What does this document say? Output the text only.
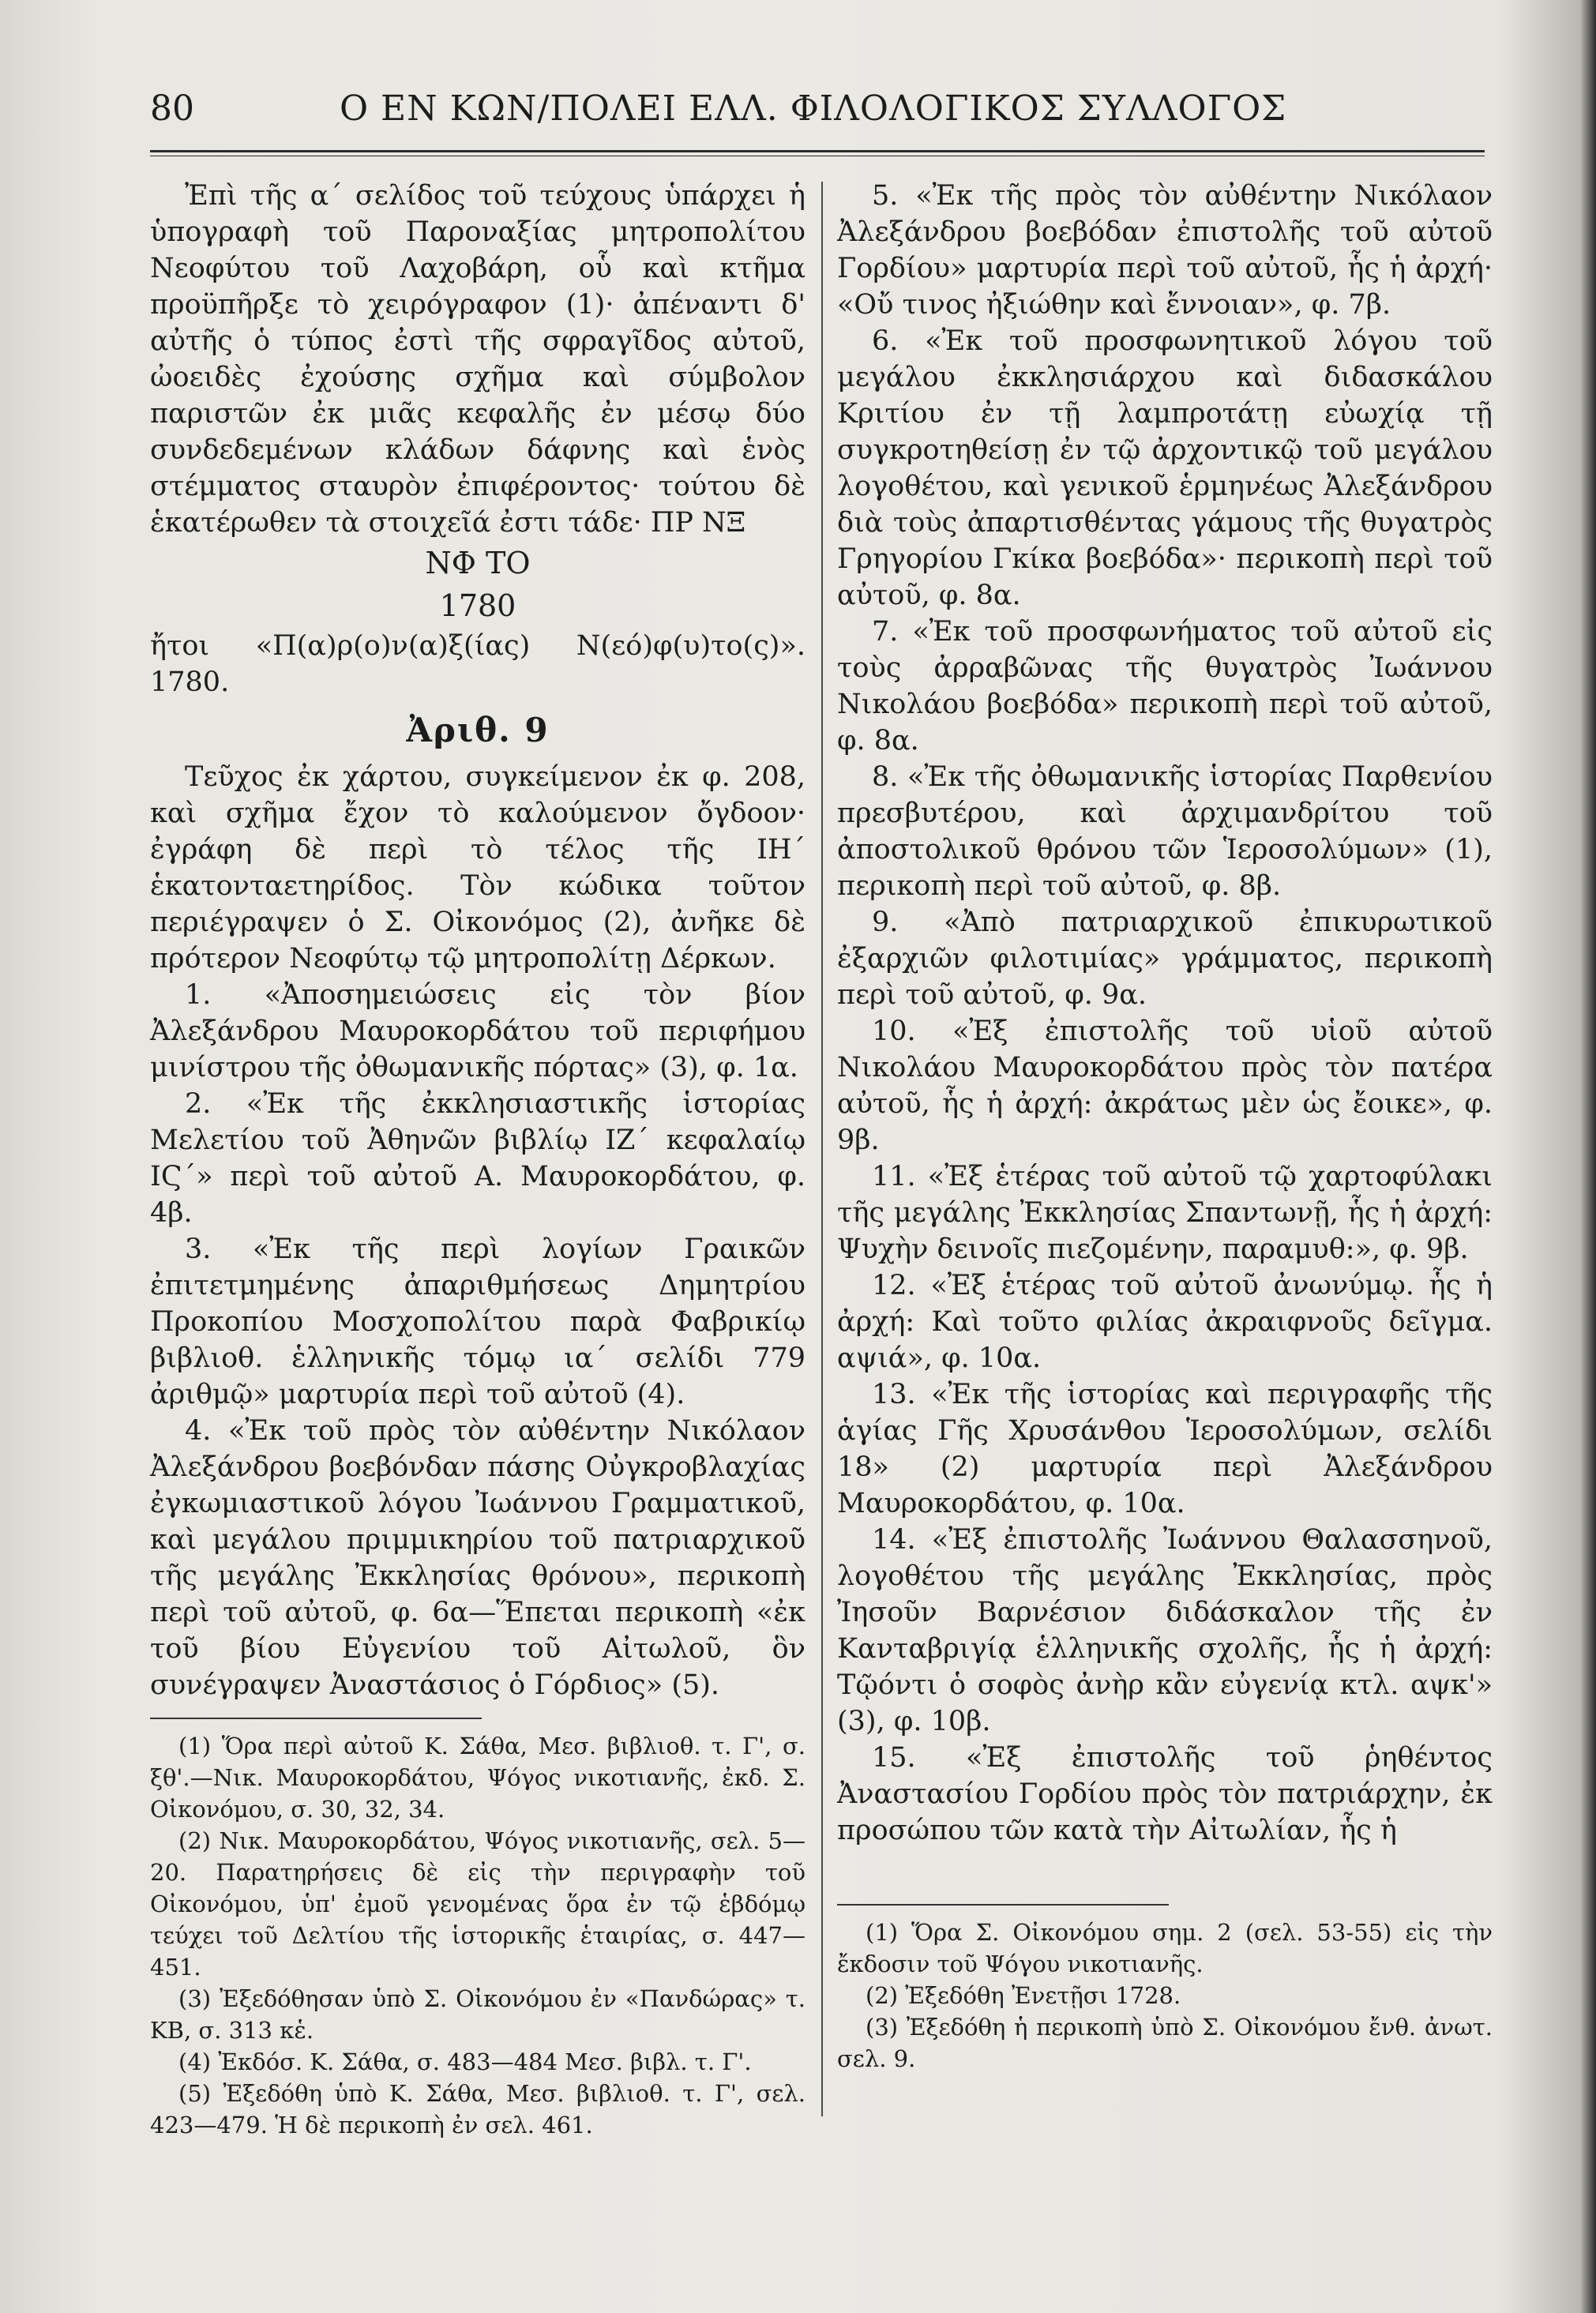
80	Ο ΕΝ ΚΩΝ/ΠΟΛΕΙ ΕΛΛ. ΦΙΛΟΛΟΓΙΚΟΣ ΣΥΛΛΟΓΟΣ

Ἐπὶ τῆς α΄ σελίδος τοῦ τεύχους ὑπάρχει ἡ ὑπογραφὴ τοῦ Παροναξίας μητροπολίτου Νεοφύτου τοῦ Λαχοβάρη, οὗ καὶ κτῆμα προϋπῆρξε τὸ χειρόγραφον (1)· ἀπέναντι δ' αὐτῆς ὁ τύπος ἐστὶ τῆς σφραγῖδος αὐτοῦ, ὠοειδὲς ἐχούσης σχῆμα καὶ σύμβολον παριστῶν ἐκ μιᾶς κεφαλῆς ἐν μέσῳ δύο συνδεδεμένων κλάδων δάφνης καὶ ἑνὸς στέμματος σταυρὸν ἐπιφέροντος· τούτου δὲ ἑκατέρωθεν τὰ στοιχεῖά ἐστι τάδε· ΠΡ ΝΞ

ΝΦ ΤΟ
1780

ἤτοι «Π(α)ρ(ο)ν(α)ξ(ίας) Ν(εό)φ(υ)το(ς)». 1780.

Ἀριθ. 9

Τεῦχος ἐκ χάρτου, συγκείμενον ἐκ φ. 208, καὶ σχῆμα ἔχον τὸ καλούμενον ὄγδοον· ἐγράφη δὲ περὶ τὸ τέλος τῆς ΙΗ΄ ἑκατονταετηρίδος. Τὸν κώδικα τοῦτον περιέγραψεν ὁ Σ. Οἰκονόμος (2), ἀνῆκε δὲ πρότερον Νεοφύτῳ τῷ μητροπολίτῃ Δέρκων.

1. «Ἀποσημειώσεις εἰς τὸν βίον Ἀλεξάνδρου Μαυροκορδάτου τοῦ περιφήμου μινίστρου τῆς ὀθωμανικῆς πόρτας» (3), φ. 1α.

2. «Ἐκ τῆς ἐκκλησιαστικῆς ἱστορίας Μελετίου τοῦ Ἀθηνῶν βιβλίῳ ΙΖ΄ κεφαλαίῳ ΙϚ΄» περὶ τοῦ αὐτοῦ Α. Μαυροκορδάτου, φ. 4β.

3. «Ἐκ τῆς περὶ λογίων Γραικῶν ἐπιτετμημένης ἀπαριθμήσεως Δημητρίου Προκοπίου Μοσχοπολίτου παρὰ Φαβρικίῳ βιβλιοθ. ἑλληνικῆς τόμῳ ια΄ σελίδι 779 ἀριθμῷ» μαρτυρία περὶ τοῦ αὐτοῦ (4).

4. «Ἐκ τοῦ πρὸς τὸν αὐθέντην Νικόλαον Ἀλεξάνδρου βοεβόνδαν πάσης Οὐγκροβλαχίας ἐγκωμιαστικοῦ λόγου Ἰωάννου Γραμματικοῦ, καὶ μεγάλου πριμμικηρίου τοῦ πατριαρχικοῦ τῆς μεγάλης Ἐκκλησίας θρόνου», περικοπὴ περὶ τοῦ αὐτοῦ, φ. 6α—Ἕπεται περικοπὴ «ἐκ τοῦ βίου Εὐγενίου τοῦ Αἰτωλοῦ, ὃν συνέγραψεν Ἀναστάσιος ὁ Γόρδιος» (5).

(1) Ὅρα περὶ αὐτοῦ Κ. Σάθα, Μεσ. βιβλιοθ. τ. Γ', σ. ξθ'.—Νικ. Μαυροκορδάτου, Ψόγος νικοτιανῆς, ἐκδ. Σ. Οἰκονόμου, σ. 30, 32, 34.

(2) Νικ. Μαυροκορδάτου, Ψόγος νικοτιανῆς, σελ. 5—20. Παρατηρήσεις δὲ εἰς τὴν περιγραφὴν τοῦ Οἰκονόμου, ὑπ' ἐμοῦ γενομένας ὅρα ἐν τῷ ἑβδόμῳ τεύχει τοῦ Δελτίου τῆς ἱστορικῆς ἑταιρίας, σ. 447—451.

(3) Ἐξεδόθησαν ὑπὸ Σ. Οἰκονόμου ἐν «Πανδώρας» τ. ΚΒ, σ. 313 κἑ.

(4) Ἐκδόσ. Κ. Σάθα, σ. 483—484 Μεσ. βιβλ. τ. Γ'.

(5) Ἐξεδόθη ὑπὸ Κ. Σάθα, Μεσ. βιβλιοθ. τ. Γ', σελ. 423—479. Ἡ δὲ περικοπὴ ἐν σελ. 461.

5. «Ἐκ τῆς πρὸς τὸν αὐθέντην Νικόλαον Ἀλεξάνδρου βοεβόδαν ἐπιστολῆς τοῦ αὐτοῦ Γορδίου» μαρτυρία περὶ τοῦ αὐτοῦ, ἧς ἡ ἀρχή· «Οὔ τινος ἠξιώθην καὶ ἔννοιαν», φ. 7β.

6. «Ἐκ τοῦ προσφωνητικοῦ λόγου τοῦ μεγάλου ἐκκλησιάρχου καὶ διδασκάλου Κριτίου ἐν τῇ λαμπροτάτῃ εὐωχίᾳ τῇ συγκροτηθείσῃ ἐν τῷ ἀρχοντικῷ τοῦ μεγάλου λογοθέτου, καὶ γενικοῦ ἑρμηνέως Ἀλεξάνδρου διὰ τοὺς ἀπαρτισθέντας γάμους τῆς θυγατρὸς Γρηγορίου Γκίκα βοεβόδα»· περικοπὴ περὶ τοῦ αὐτοῦ, φ. 8α.

7. «Ἐκ τοῦ προσφωνήματος τοῦ αὐτοῦ εἰς τοὺς ἀρραβῶνας τῆς θυγατρὸς Ἰωάννου Νικολάου βοεβόδα» περικοπὴ περὶ τοῦ αὐτοῦ, φ. 8α.

8. «Ἐκ τῆς ὀθωμανικῆς ἱστορίας Παρθενίου πρεσβυτέρου, καὶ ἀρχιμανδρίτου τοῦ ἀποστολικοῦ θρόνου τῶν Ἱεροσολύμων» (1), περικοπὴ περὶ τοῦ αὐτοῦ, φ. 8β.

9. «Ἀπὸ πατριαρχικοῦ ἐπικυρωτικοῦ ἐξαρχιῶν φιλοτιμίας» γράμματος, περικοπὴ περὶ τοῦ αὐτοῦ, φ. 9α.

10. «Ἐξ ἐπιστολῆς τοῦ υἱοῦ αὐτοῦ Νικολάου Μαυροκορδάτου πρὸς τὸν πατέρα αὐτοῦ, ἧς ἡ ἀρχή: ἀκράτως μὲν ὡς ἔοικε», φ. 9β.

11. «Ἐξ ἑτέρας τοῦ αὐτοῦ τῷ χαρτοφύλακι τῆς μεγάλης Ἐκκλησίας Σπαντωνῇ, ἧς ἡ ἀρχή: Ψυχὴν δεινοῖς πιεζομένην, παραμυθ:», φ. 9β.

12. «Ἐξ ἑτέρας τοῦ αὐτοῦ ἀνωνύμῳ. ἧς ἡ ἀρχή: Καὶ τοῦτο φιλίας ἀκραιφνοῦς δεῖγμα. αψιά», φ. 10α.

13. «Ἐκ τῆς ἱστορίας καὶ περιγραφῆς τῆς ἁγίας Γῆς Χρυσάνθου Ἱεροσολύμων, σελίδι 18» (2) μαρτυρία περὶ Ἀλεξάνδρου Μαυροκορδάτου, φ. 10α.

14. «Ἐξ ἐπιστολῆς Ἰωάννου Θαλασσηνοῦ, λογοθέτου τῆς μεγάλης Ἐκκλησίας, πρὸς Ἰησοῦν Βαρνέσιον διδάσκαλον τῆς ἐν Κανταβριγίᾳ ἑλληνικῆς σχολῆς, ἧς ἡ ἀρχή: Τῷόντι ὁ σοφὸς ἀνὴρ κἂν εὐγενίᾳ κτλ. αψκ'» (3), φ. 10β.

15. «Ἐξ ἐπιστολῆς τοῦ ῥηθέντος Ἀναστασίου Γορδίου πρὸς τὸν πατριάρχην, ἐκ προσώπου τῶν κατὰ τὴν Αἰτωλίαν, ἧς ἡ

(1) Ὅρα Σ. Οἰκονόμου σημ. 2 (σελ. 53-55) εἰς τὴν ἔκδοσιν τοῦ Ψόγου νικοτιανῆς.

(2) Ἐξεδόθη Ἐνετῇσι 1728.

(3) Ἐξεδόθη ἡ περικοπὴ ὑπὸ Σ. Οἰκονόμου ἔνθ. ἀνωτ. σελ. 9.
